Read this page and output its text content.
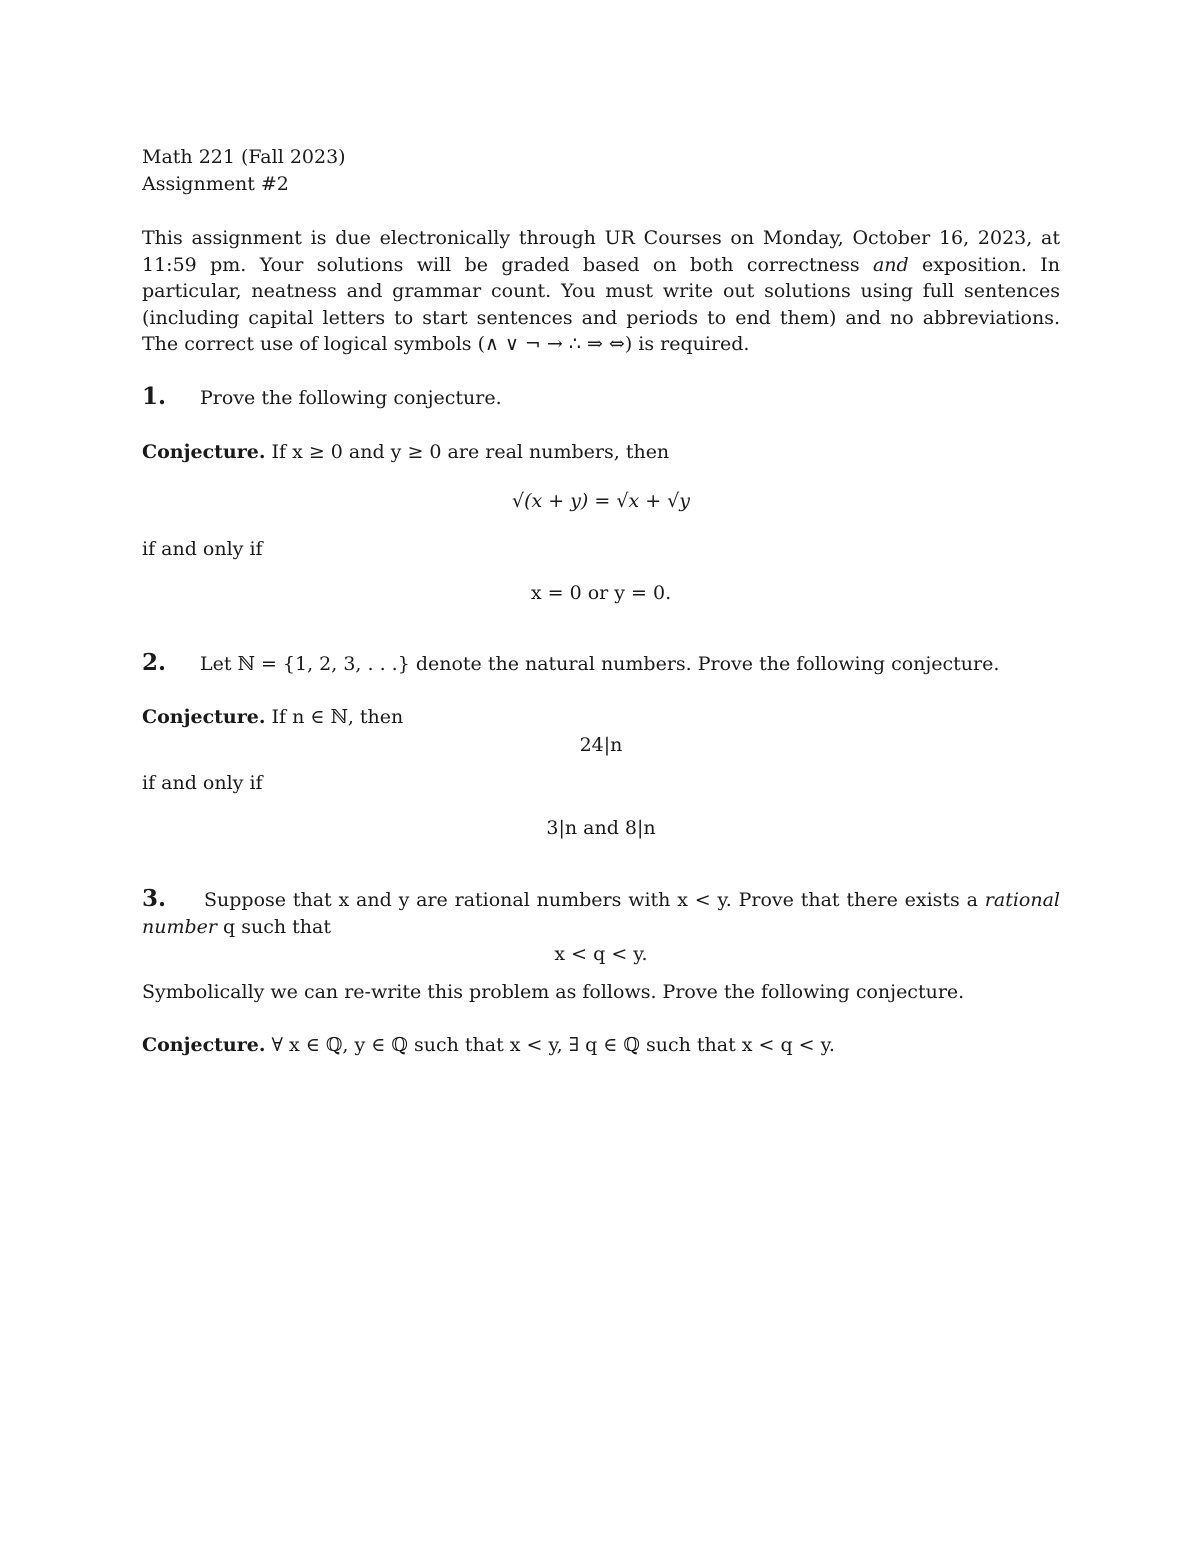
Math 221 (Fall 2023)
Assignment #2
This assignment is due electronically through UR Courses on Monday, October 16, 2023, at 11:59 pm. Your solutions will be graded based on both correctness and exposition. In particular, neatness and grammar count. You must write out solutions using full sentences (including capital letters to start sentences and periods to end them) and no abbreviations. The correct use of logical symbols (∧ ∨ ¬ → ∴ ⇒ ⇔) is required.
1. Prove the following conjecture.
Conjecture. If x ≥ 0 and y ≥ 0 are real numbers, then
√(x + y) = √x + √y
if and only if
x = 0 or y = 0.
2. Let ℕ = {1, 2, 3, . . .} denote the natural numbers. Prove the following conjecture.
Conjecture. If n ∈ ℕ, then
24|n
if and only if
3|n and 8|n
3. Suppose that x and y are rational numbers with x < y. Prove that there exists a rational number q such that
x < q < y.
Symbolically we can re-write this problem as follows. Prove the following conjecture.
Conjecture. ∀ x ∈ ℚ, y ∈ ℚ such that x < y, ∃ q ∈ ℚ such that x < q < y.
